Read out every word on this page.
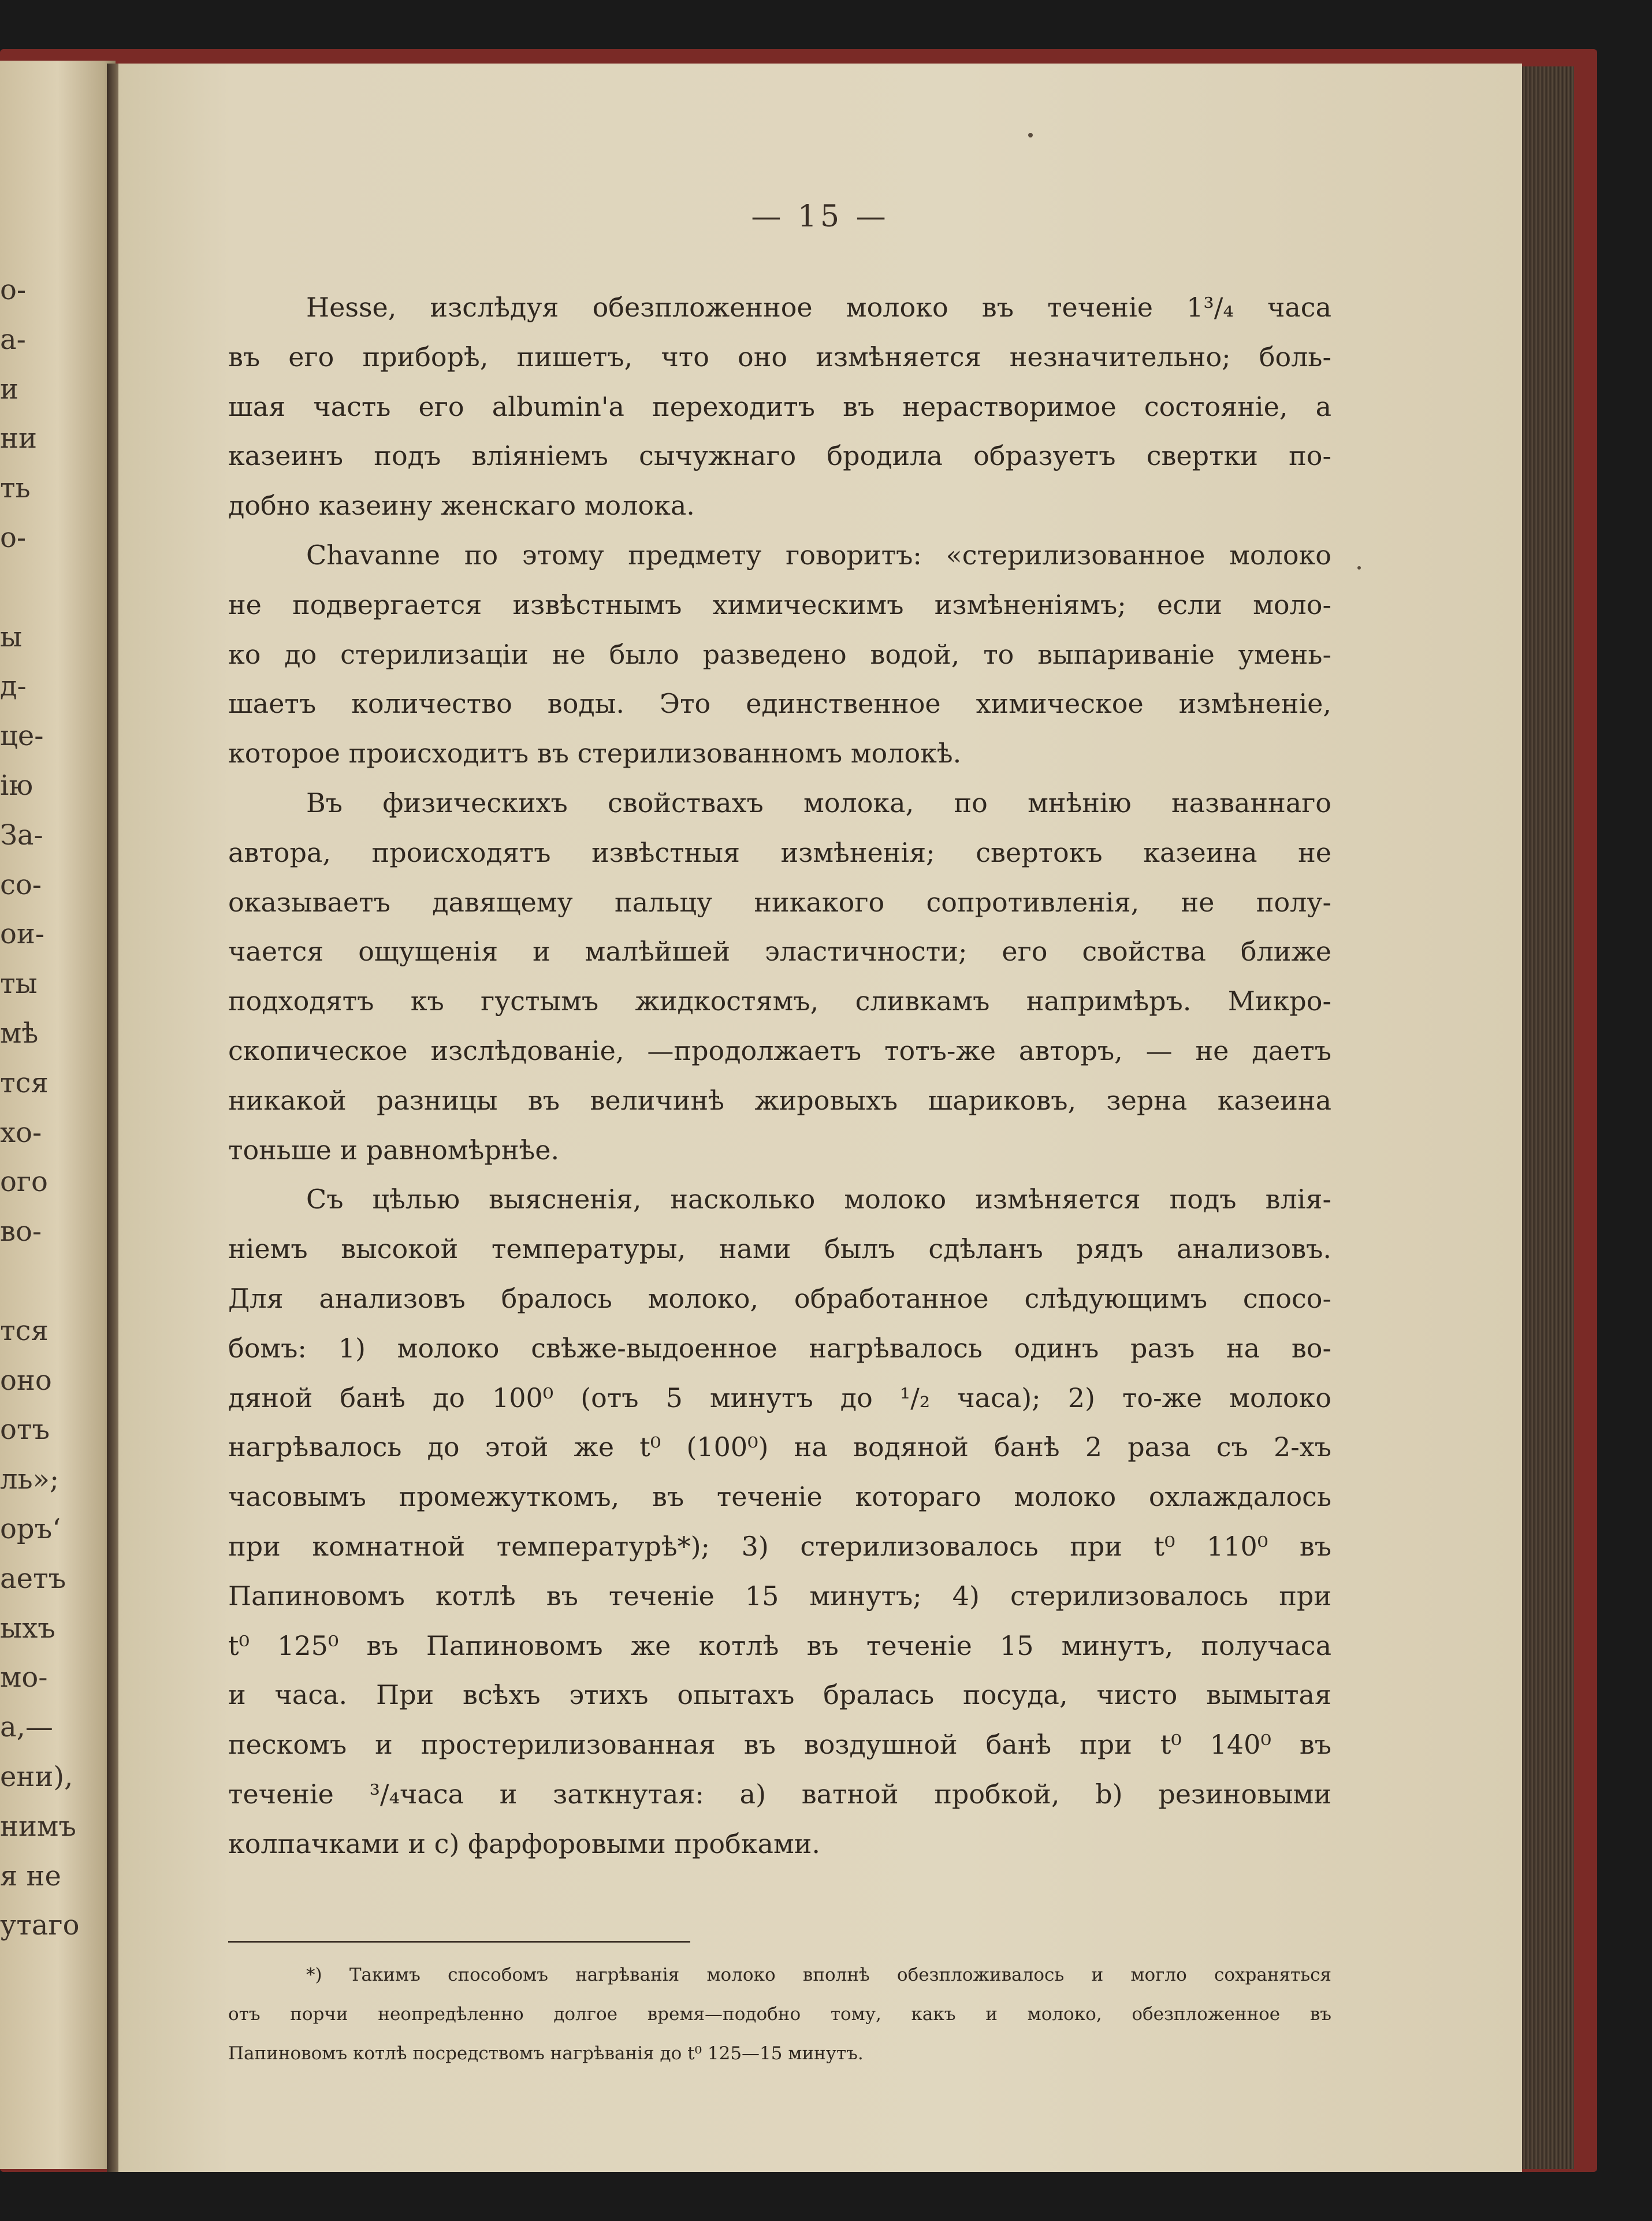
о-
а-
и
ни
ть
о-
ы
д-
це-
ію
За-
со-
ои-
ты
мѣ
тся
хо-
ого
во-
тся
оно
отъ
ль»;
оръ‘
аетъ
ыхъ
мо-
а,—
ени),
нимъ
я не
утаго
— 15 —
Hesse, изслѣдуя обезпложенное молоко въ теченіе 1³/₄ часа
въ его приборѣ, пишетъ, что оно измѣняется незначительно; боль-
шая часть его albumin'а переходитъ въ нерастворимое состояніе, а
казеинъ подъ вліяніемъ сычужнаго бродила образуетъ свертки по-
добно казеину женскаго молока.
Chavanne по этому предмету говоритъ: «стерилизованное молоко
не подвергается извѣстнымъ химическимъ измѣненіямъ; если моло-
ко до стерилизаціи не было разведено водой, то выпариваніе умень-
шаетъ количество воды. Это единственное химическое измѣненіе,
которое происходитъ въ стерилизованномъ молокѣ.
Въ физическихъ свойствахъ молока, по мнѣнію названнаго
автора, происходятъ извѣстныя измѣненія; свертокъ казеина не
оказываетъ давящему пальцу никакого сопротивленія, не полу-
чается ощущенія и малѣйшей эластичности; его свойства ближе
подходятъ къ густымъ жидкостямъ, сливкамъ напримѣръ. Микро-
скопическое изслѣдованіе, —продолжаетъ тотъ-же авторъ, — не даетъ
никакой разницы въ величинѣ жировыхъ шариковъ, зерна казеина
тоньше и равномѣрнѣе.
Съ цѣлью выясненія, насколько молоко измѣняется подъ влія-
ніемъ высокой температуры, нами былъ сдѣланъ рядъ анализовъ.
Для анализовъ бралось молоко, обработанное слѣдующимъ спосо-
бомъ: 1) молоко свѣже-выдоенное нагрѣвалось одинъ разъ на во-
дяной банѣ до 100⁰ (отъ 5 минутъ до ¹/₂ часа); 2) то-же молоко
нагрѣвалось до этой же t⁰ (100⁰) на водяной банѣ 2 раза съ 2-хъ
часовымъ промежуткомъ, въ теченіе котораго молоко охлаждалось
при комнатной температурѣ*); 3) стерилизовалось при t⁰ 110⁰ въ
Папиновомъ котлѣ въ теченіе 15 минутъ; 4) стерилизовалось при
t⁰ 125⁰ въ Папиновомъ же котлѣ въ теченіе 15 минутъ, получаса
и часа. При всѣхъ этихъ опытахъ бралась посуда, чисто вымытая
пескомъ и простерилизованная въ воздушной банѣ при t⁰ 140⁰ въ
теченіе ³/₄часа и заткнутая: а) ватной пробкой, b) резиновыми
колпачками и с) фарфоровыми пробками.
*) Такимъ способомъ нагрѣванія молоко вполнѣ обезпложивалось и могло сохраняться
отъ порчи неопредѣленно долгое время—подобно тому, какъ и молоко, обезпложенное въ
Папиновомъ котлѣ посредствомъ нагрѣванія до t⁰ 125—15 минутъ.
